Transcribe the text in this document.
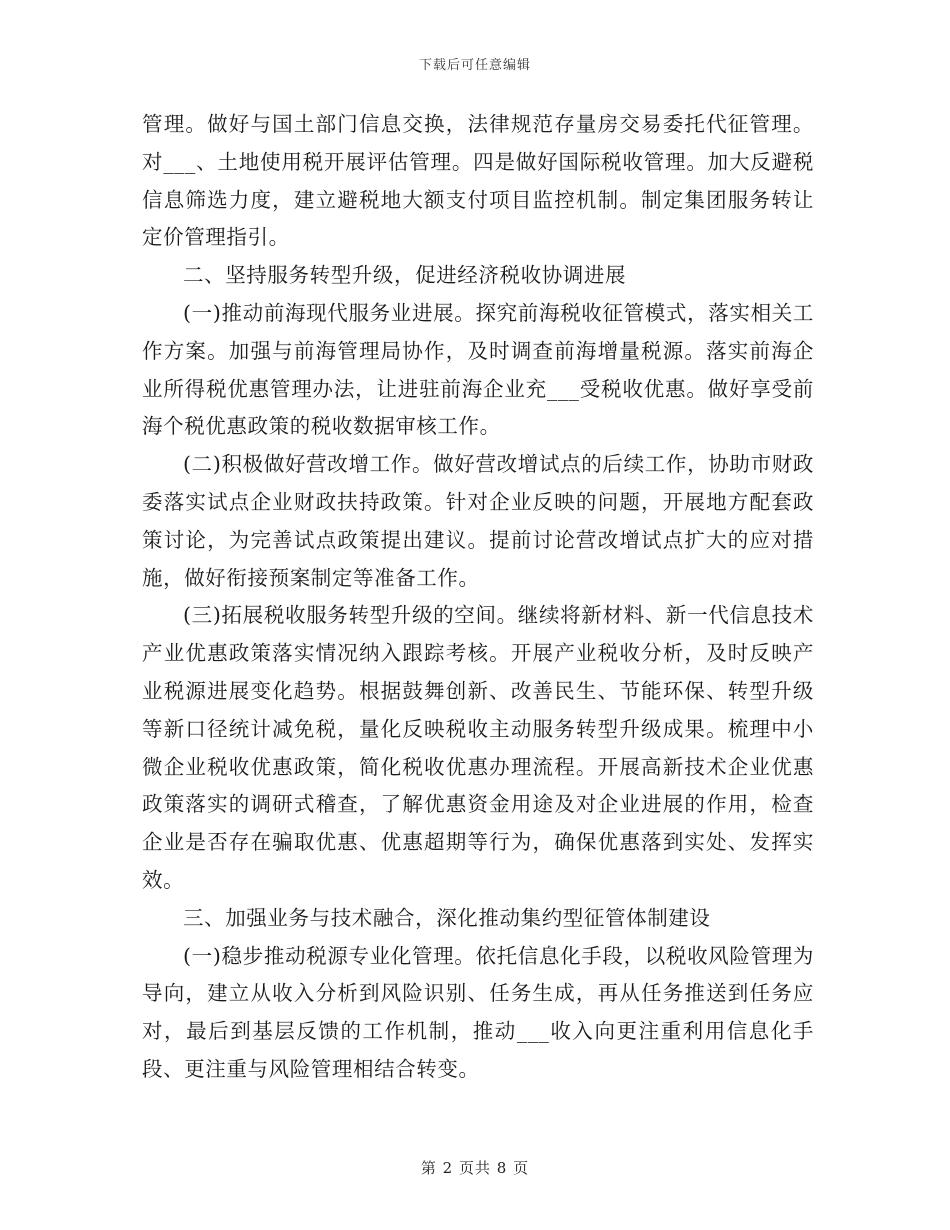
下载后可任意编辑

管理。做好与国土部门信息交换，法律规范存量房交易委托代征管理。对___、土地使用税开展评估管理。四是做好国际税收管理。加大反避税信息筛选力度，建立避税地大额支付项目监控机制。制定集团服务转让定价管理指引。

二、坚持服务转型升级，促进经济税收协调进展

(一)推动前海现代服务业进展。探究前海税收征管模式，落实相关工作方案。加强与前海管理局协作，及时调查前海增量税源。落实前海企业所得税优惠管理办法，让进驻前海企业充___受税收优惠。做好享受前海个税优惠政策的税收数据审核工作。

(二)积极做好营改增工作。做好营改增试点的后续工作，协助市财政委落实试点企业财政扶持政策。针对企业反映的问题，开展地方配套政策讨论，为完善试点政策提出建议。提前讨论营改增试点扩大的应对措施，做好衔接预案制定等准备工作。

(三)拓展税收服务转型升级的空间。继续将新材料、新一代信息技术产业优惠政策落实情况纳入跟踪考核。开展产业税收分析，及时反映产业税源进展变化趋势。根据鼓舞创新、改善民生、节能环保、转型升级等新口径统计减免税，量化反映税收主动服务转型升级成果。梳理中小微企业税收优惠政策，简化税收优惠办理流程。开展高新技术企业优惠政策落实的调研式稽查，了解优惠资金用途及对企业进展的作用，检查企业是否存在骗取优惠、优惠超期等行为，确保优惠落到实处、发挥实效。

三、加强业务与技术融合，深化推动集约型征管体制建设

(一)稳步推动税源专业化管理。依托信息化手段，以税收风险管理为导向，建立从收入分析到风险识别、任务生成，再从任务推送到任务应对，最后到基层反馈的工作机制，推动___收入向更注重利用信息化手段、更注重与风险管理相结合转变。

第 2 页共 8 页
